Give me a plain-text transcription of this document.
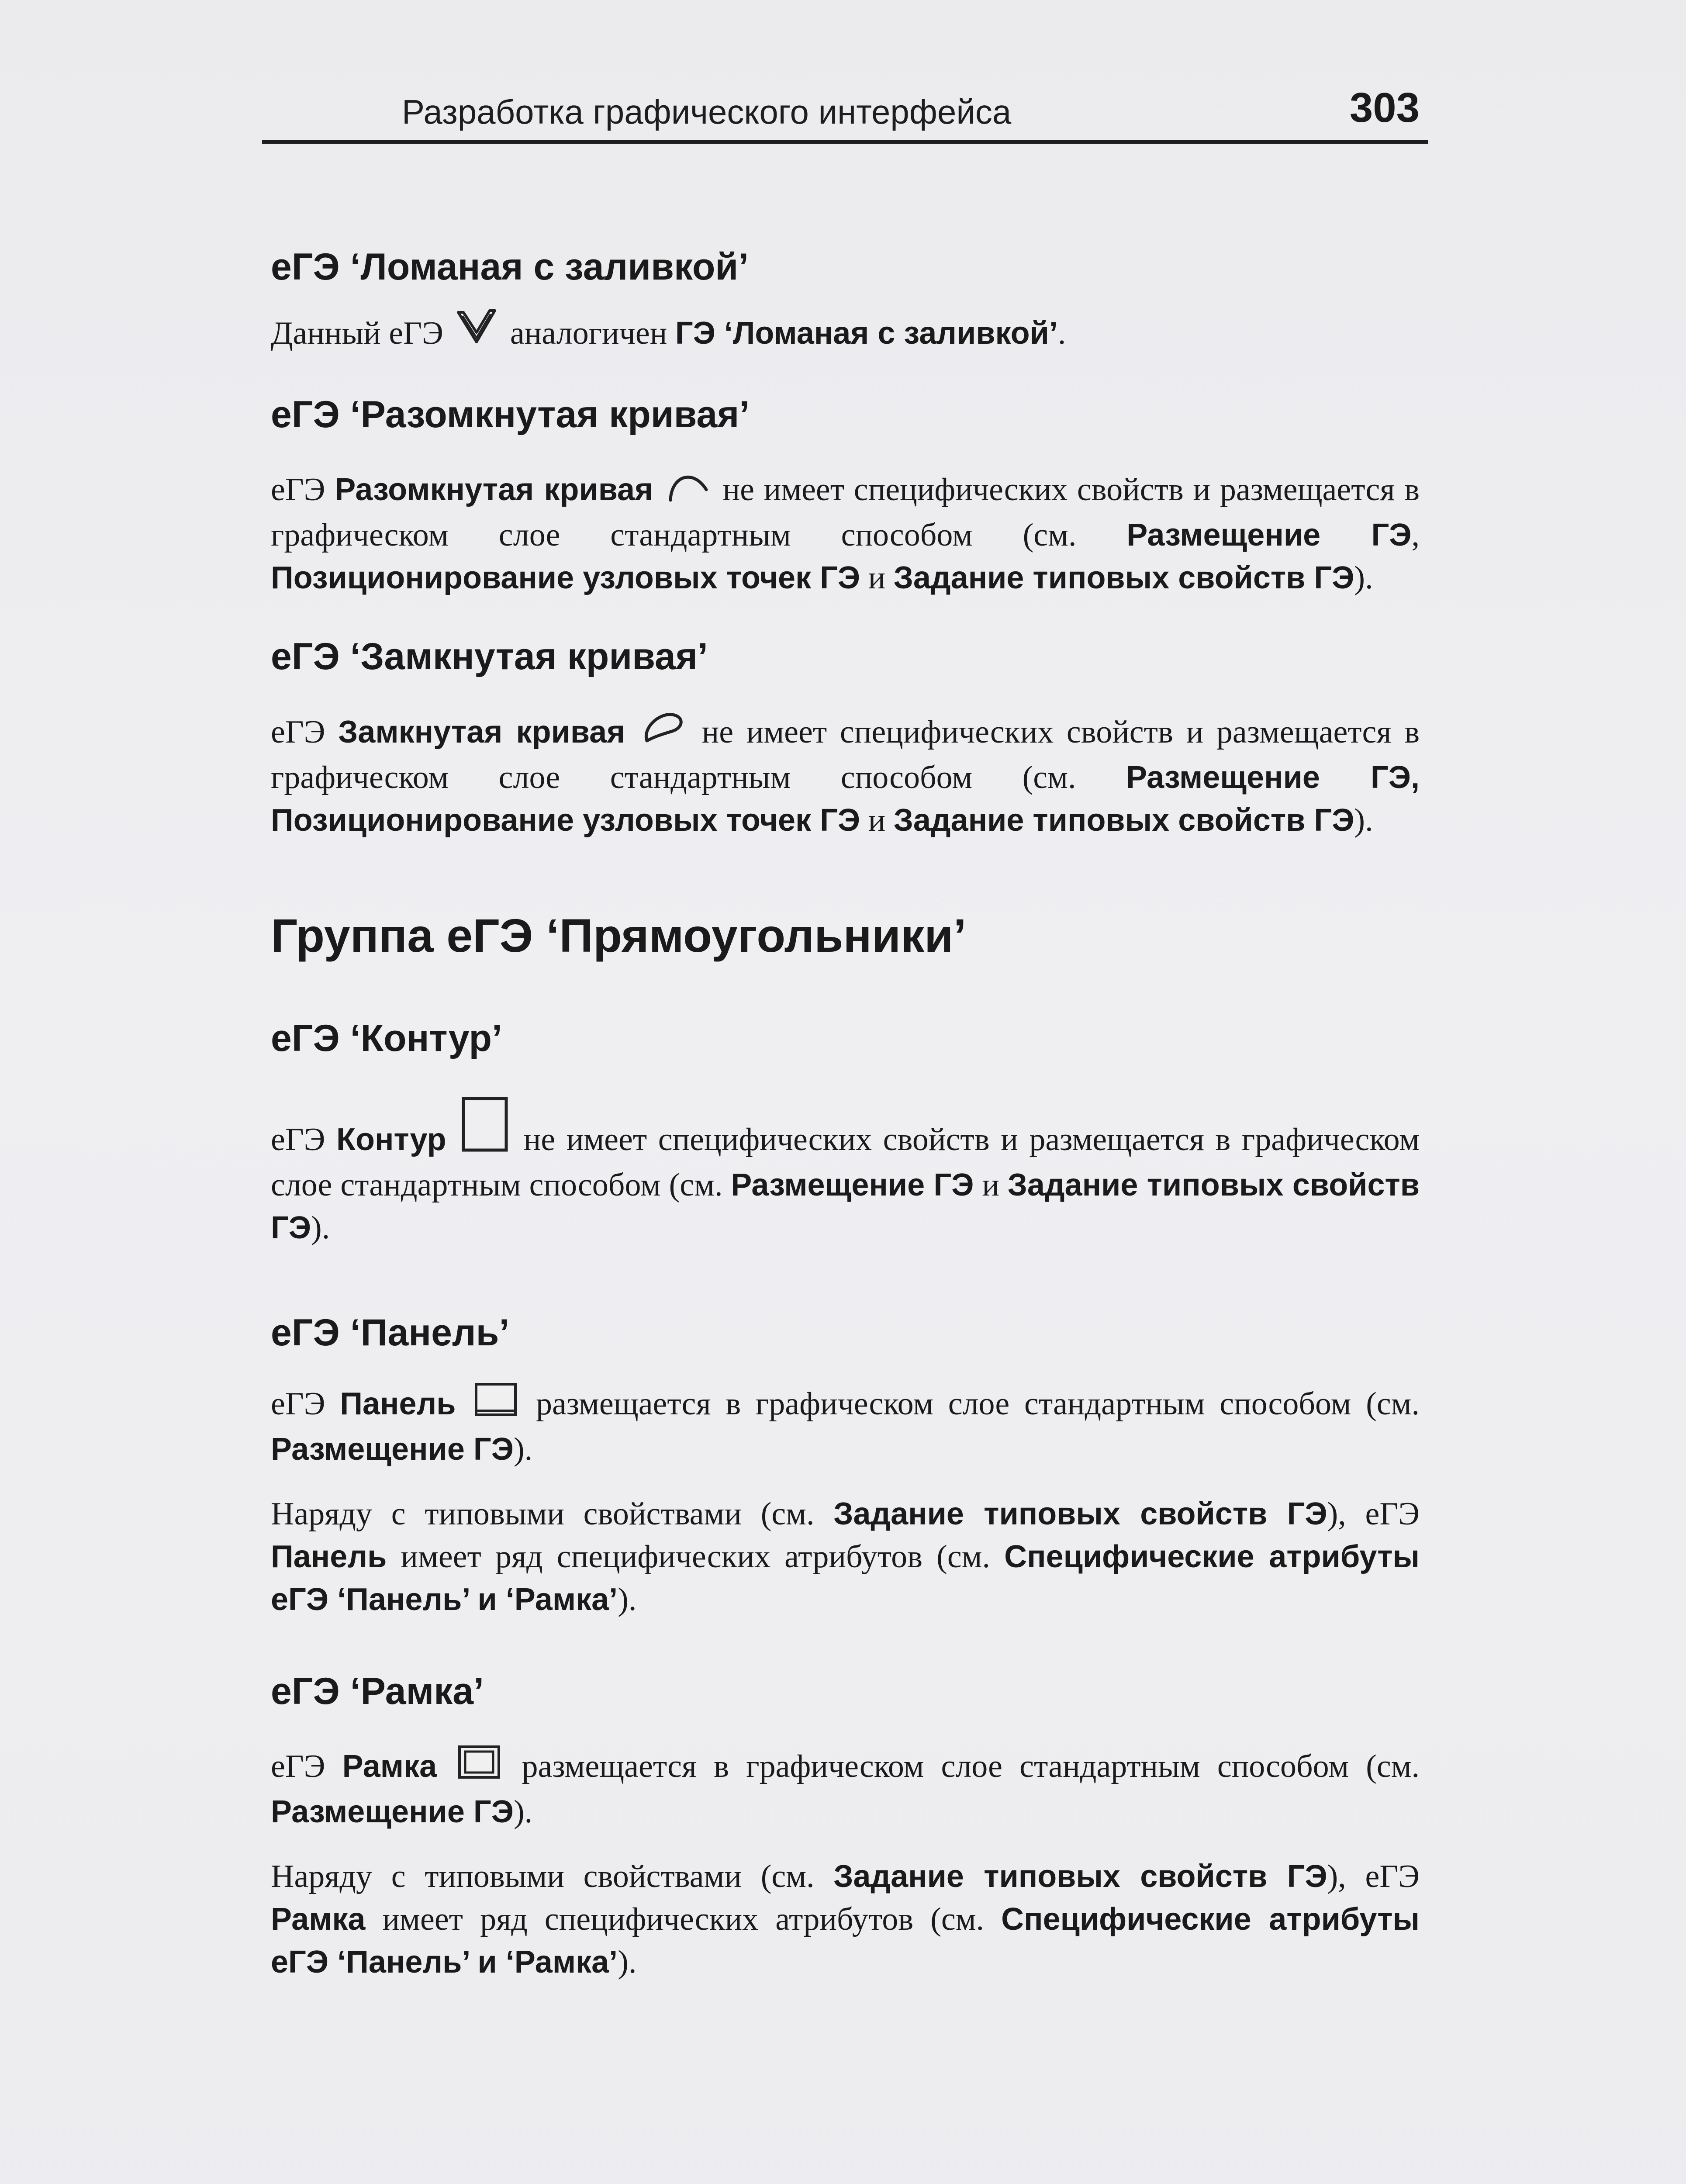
Разработка графического интерфейса	303
еГЭ ‘Ломаная с заливкой’

Данный еГЭ аналогичен ГЭ ‘Ломаная с заливкой’.

еГЭ ‘Разомкнутая кривая’

еГЭ Разомкнутая кривая не имеет специфических свойств и размещается в графическом слое стандартным способом (см. Размещение ГЭ, Позиционирование узловых точек ГЭ и Задание типовых свойств ГЭ).

еГЭ ‘Замкнутая кривая’

еГЭ Замкнутая кривая не имеет специфических свойств и размещается в графическом слое стандартным способом (см. Размещение ГЭ, Позиционирование узловых точек ГЭ и Задание типовых свойств ГЭ).

Группа еГЭ ‘Прямоугольники’
еГЭ ‘Контур’

еГЭ Контур не имеет специфических свойств и размещается в графическом слое стандартным способом (см. Размещение ГЭ и Задание типовых свойств ГЭ).

еГЭ ‘Панель’

еГЭ Панель размещается в графическом слое стандартным способом (см. Размещение ГЭ).

Наряду с типовыми свойствами (см. Задание типовых свойств ГЭ), еГЭ Панель имеет ряд специфических атрибутов (см. Специфические атрибуты еГЭ ‘Панель’ и ‘Рамка’).

еГЭ ‘Рамка’

еГЭ Рамка	размещается в графическом слое стандартным способом (см. Размещение ГЭ).

Наряду с типовыми свойствами (см. Задание типовых свойств ГЭ), еГЭ Рамка имеет ряд специфических атрибутов (см. Специфические атрибуты еГЭ ‘Панель’ и ‘Рамка’).
